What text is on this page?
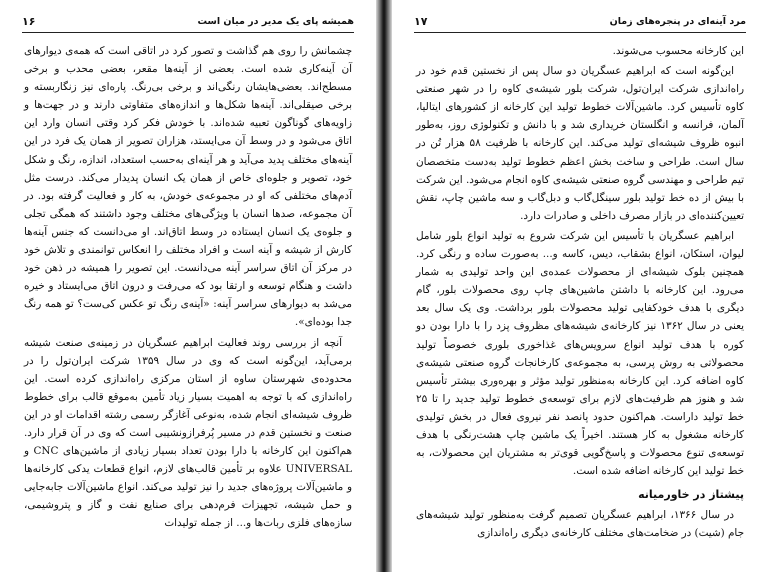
همیشه پای یک مدیر در میان است
۱۶

چشمانش را روی هم گذاشت و تصور کرد در اتاقی است که همه‌ی دیوارهای آن آینه‌کاری شده است. بعضی از آینه‌ها مقعر، بعضی محدب و برخی مسطح‌اند. بعضی‌هایشان رنگی‌اند و برخی بی‌رنگ. پاره‌ای نیز زنگاربسته و برخی صیقلی‌اند. آینه‌ها شکل‌ها و اندازه‌های متفاوتی دارند و در جهت‌ها و زاویه‌های گوناگون تعبیه شده‌اند. با خودش فکر کرد وقتی انسان وارد این اتاق می‌شود و در وسط آن می‌ایستد، هزاران تصویر از همان یک فرد در این آینه‌های مختلف پدید می‌آید و هر آینه‌ای به‌حسب استعداد، اندازه، رنگ و شکل خود، تصویر و جلوه‌ای خاص از همان یک انسان پدیدار می‌کند. درست مثل آدم‌های مختلفی که او در مجموعه‌ی خودش، به کار و فعالیت گرفته بود. در آن مجموعه، صدها انسان با ویژگی‌های مختلف وجود داشتند که همگی تجلی و جلوه‌ی یک انسان ایستاده در وسط اتاق‌اند. او می‌دانست که جنس آینه‌ها کارش از شیشه و آینه است و افراد مختلف را انعکاس توانمندی و تلاش خود در مرکز آن اتاق سراسر آینه می‌دانست. این تصویر را همیشه در ذهن خود داشت و هنگام توسعه و ارتقا بود که می‌رفت و درون اتاق می‌ایستاد و خیره می‌شد به دیوارهای سراسر آینه: «آینه‌ی رنگ تو عکس کی‌ست؟ تو همه رنگ جدا بوده‌ای».

آنچه از بررسی روند فعالیت ابراهیم عسگریان در زمینه‌ی صنعت شیشه برمی‌آید، این‌گونه است که وی در سال ۱۳۵۹ شرکت ایران‌تول را در محدوده‌ی شهرستان ساوه از استان مرکزی راه‌اندازی کرده است. این راه‌اندازی که با توجه به اهمیت بسیار زیاد تأمین به‌موقع قالب برای خطوط ظروف شیشه‌ای انجام شده، به‌نوعی آغازگر رسمی رشته اقدامات او در این صنعت و نخستین قدم در مسیر پُرفرازونشیبی است که وی در آن قرار دارد. هم‌اکنون این کارخانه با دارا بودن تعداد بسیار زیادی از ماشین‌های CNC و UNIVERSAL علاوه بر تأمین قالب‌های لازم، انواع قطعات یدکی کارخانه‌ها و ماشین‌آلات پروژه‌های جدید را نیز تولید می‌کند. انواع ماشین‌آلات جابه‌جایی و حمل شیشه، تجهیزات فرم‌دهی برای صنایع نفت و گاز و پتروشیمی، سازه‌های فلزی ربات‌ها و... از جمله تولیدات

مرد آینه‌ای در پنجره‌های زمان
۱۷

این کارخانه محسوب می‌شوند.

این‌گونه است که ابراهیم عسگریان دو سال پس از نخستین قدم خود در راه‌اندازی شرکت ایران‌تول، شرکت بلور شیشه‌ی کاوه را در شهر صنعتی کاوه تأسیس کرد. ماشین‌آلات خطوط تولید این کارخانه از کشورهای ایتالیا، آلمان، فرانسه و انگلستان خریداری شد و با دانش و تکنولوژی روز، به‌طور انبوه ظروف شیشه‌ای تولید می‌کند. این کارخانه با ظرفیت ۵۸ هزار تُن در سال است. طراحی و ساخت بخش اعظم خطوط تولید به‌دست متخصصان تیم طراحی و مهندسی گروه صنعتی شیشه‌ی کاوه انجام می‌شود. این شرکت با بیش از ده خط تولید بلور سینگل‌گاب و دبل‌گاب و سه ماشین چاپ، نقش تعیین‌کننده‌ای در بازار مصرف داخلی و صادرات دارد.

ابراهیم عسگریان با تأسیس این شرکت شروع به تولید انواع بلور شامل لیوان، استکان، انواع بشقاب، دیس، کاسه و... به‌صورت ساده و رنگی کرد. همچنین بلوک شیشه‌ای از محصولات عمده‌ی این واحد تولیدی به شمار می‌رود. این کارخانه با داشتن ماشین‌های چاپ روی محصولات بلور، گام دیگری با هدف خودکفایی تولید محصولات بلور برداشت. وی یک سال بعد یعنی در سال ۱۳۶۲ نیز کارخانه‌ی شیشه‌های مظروف پزد را با دارا بودن دو کوره با هدف تولید انواع سرویس‌های غذاخوری بلوری خصوصاً تولید محصولاتی به روش پرسی، به مجموعه‌ی کارخانجات گروه صنعتی شیشه‌ی کاوه اضافه کرد. این کارخانه به‌منظور تولید مؤثر و بهره‌وری بیشتر تأسیس شد و هنوز هم ظرفیت‌های لازم برای توسعه‌ی خطوط تولید جدید را تا ۲۵ خط تولید داراست. هم‌اکنون حدود پانصد نفر نیروی فعال در بخش تولیدی کارخانه مشغول به کار هستند. اخیراً یک ماشین چاپ هشت‌رنگی با هدف توسعه‌ی تنوع محصولات و پاسخ‌گویی قوی‌تر به مشتریان این محصولات، به خط تولید این کارخانه اضافه شده است.

پیشتاز در خاورمیانه

در سال ۱۳۶۶، ابراهیم عسگریان تصمیم گرفت به‌منظور تولید شیشه‌های جام (شیت) در ضخامت‌های مختلف کارخانه‌ی دیگری راه‌اندازی
